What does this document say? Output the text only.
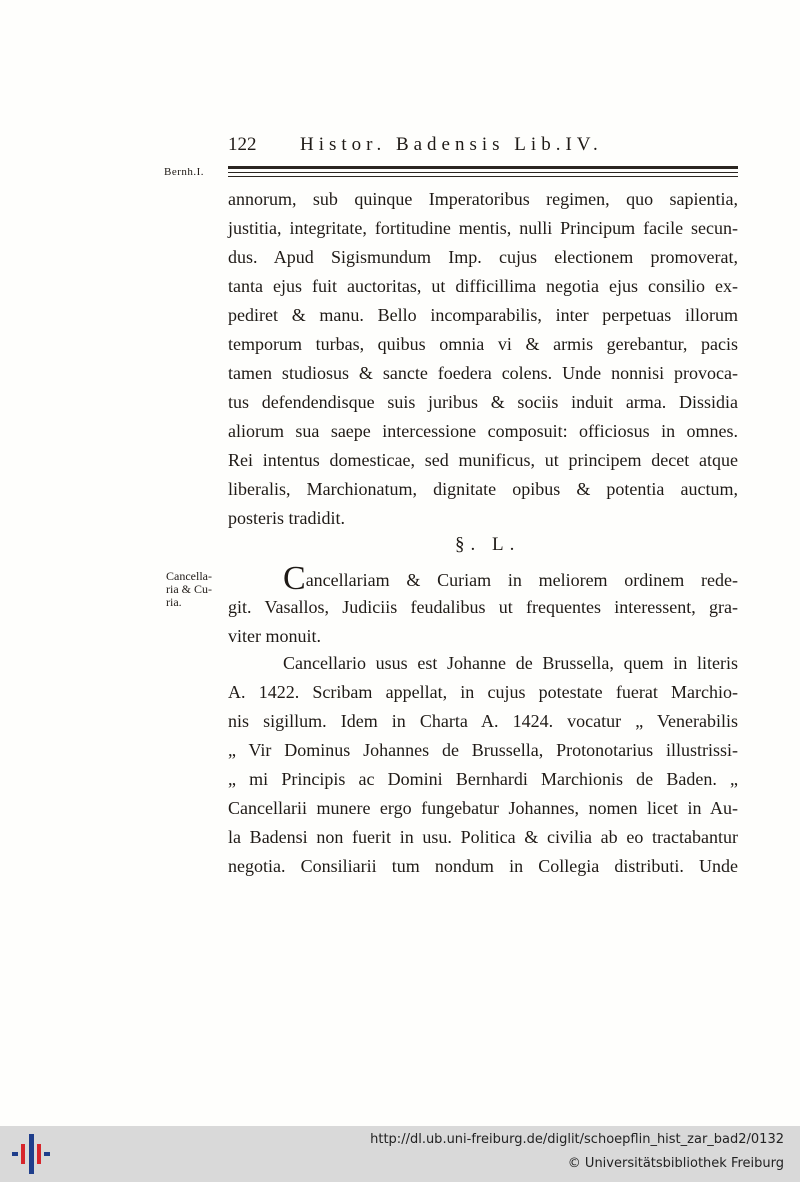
122 Histor. Badensis Lib.IV.
Bernh.I.
annorum, sub quinque Imperatoribus regimen, quo sapientia,
justitia, integritate, fortitudine mentis, nulli Principum facile secun-
dus. Apud Sigismundum Imp. cujus electionem promoverat,
tanta ejus fuit auctoritas, ut difficillima negotia ejus consilio ex-
pediret & manu. Bello incomparabilis, inter perpetuas illorum
temporum turbas, quibus omnia vi & armis gerebantur, pacis
tamen studiosus & sancte foedera colens. Unde nonnisi provoca-
tus defendendisque suis juribus & sociis induit arma. Dissidia
aliorum sua saepe intercessione composuit: officiosus in omnes.
Rei intentus domesticae, sed munificus, ut principem decet atque
liberalis, Marchionatum, dignitate opibus & potentia auctum,
posteris tradidit.
§. L.
Cancella-
ria & Cu-
ria.
Cancellariam & Curiam in meliorem ordinem rede-
git. Vasallos, Judiciis feudalibus ut frequentes interessent, gra-
viter monuit.
Cancellario usus est Johanne de Brussella, quem in literis
A. 1422. Scribam appellat, in cujus potestate fuerat Marchio-
nis sigillum. Idem in Charta A. 1424. vocatur „ Venerabilis
„ Vir Dominus Johannes de Brussella, Protonotarius illustrissi-
„ mi Principis ac Domini Bernhardi Marchionis de Baden. „
Cancellarii munere ergo fungebatur Johannes, nomen licet in Au-
la Badensi non fuerit in usu. Politica & civilia ab eo tractabantur
negotia. Consiliarii tum nondum in Collegia distributi. Unde
http://dl.ub.uni-freiburg.de/diglit/schoepflin_hist_zar_bad2/0132
© Universitätsbibliothek Freiburg
